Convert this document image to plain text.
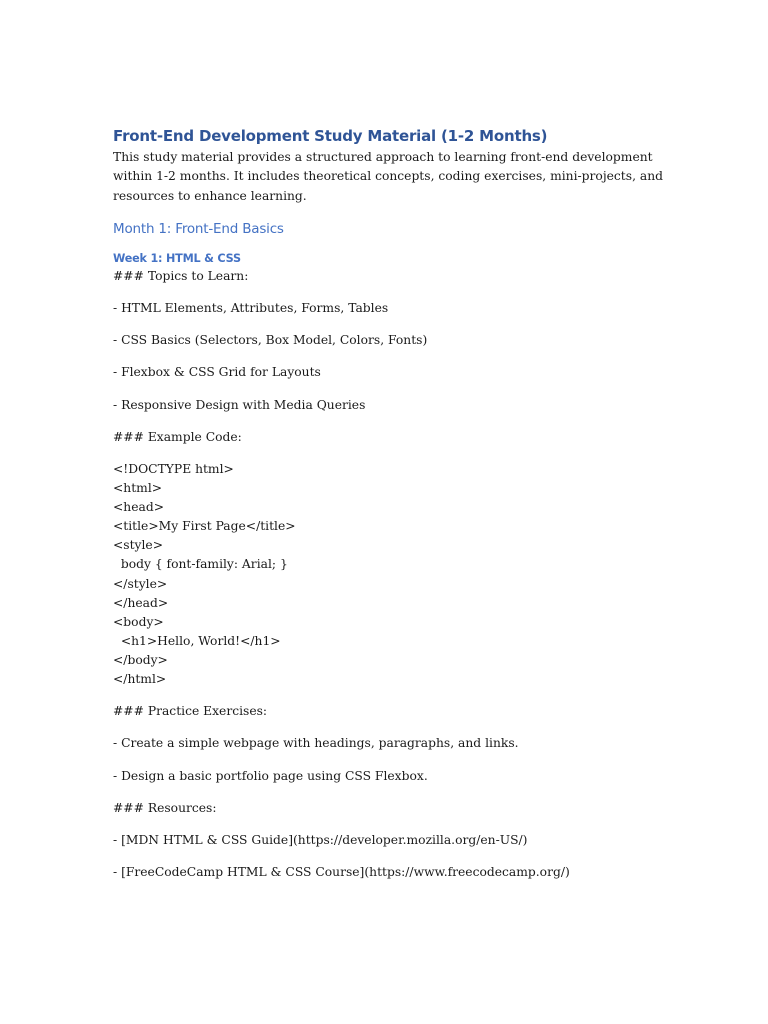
Front-End Development Study Material (1-2 Months)

This study material provides a structured approach to learning front-end development within 1-2 months. It includes theoretical concepts, coding exercises, mini-projects, and resources to enhance learning.

Month 1: Front-End Basics
Week 1: HTML & CSS

### Topics to Learn:

- HTML Elements, Attributes, Forms, Tables

- CSS Basics (Selectors, Box Model, Colors, Fonts)

- Flexbox & CSS Grid for Layouts

- Responsive Design with Media Queries

### Example Code:

<!DOCTYPE html>

<html>

<head>

<title>My First Page</title>

<style>

body { font-family: Arial; }

</style>

</head>

<body>

<h1>Hello, World!</h1>

</body>

</html>

### Practice Exercises:

- Create a simple webpage with headings, paragraphs, and links.

- Design a basic portfolio page using CSS Flexbox.

### Resources:

- [MDN HTML & CSS Guide](https://developer.mozilla.org/en-US/)

- [FreeCodeCamp HTML & CSS Course](https://www.freecodecamp.org/)
